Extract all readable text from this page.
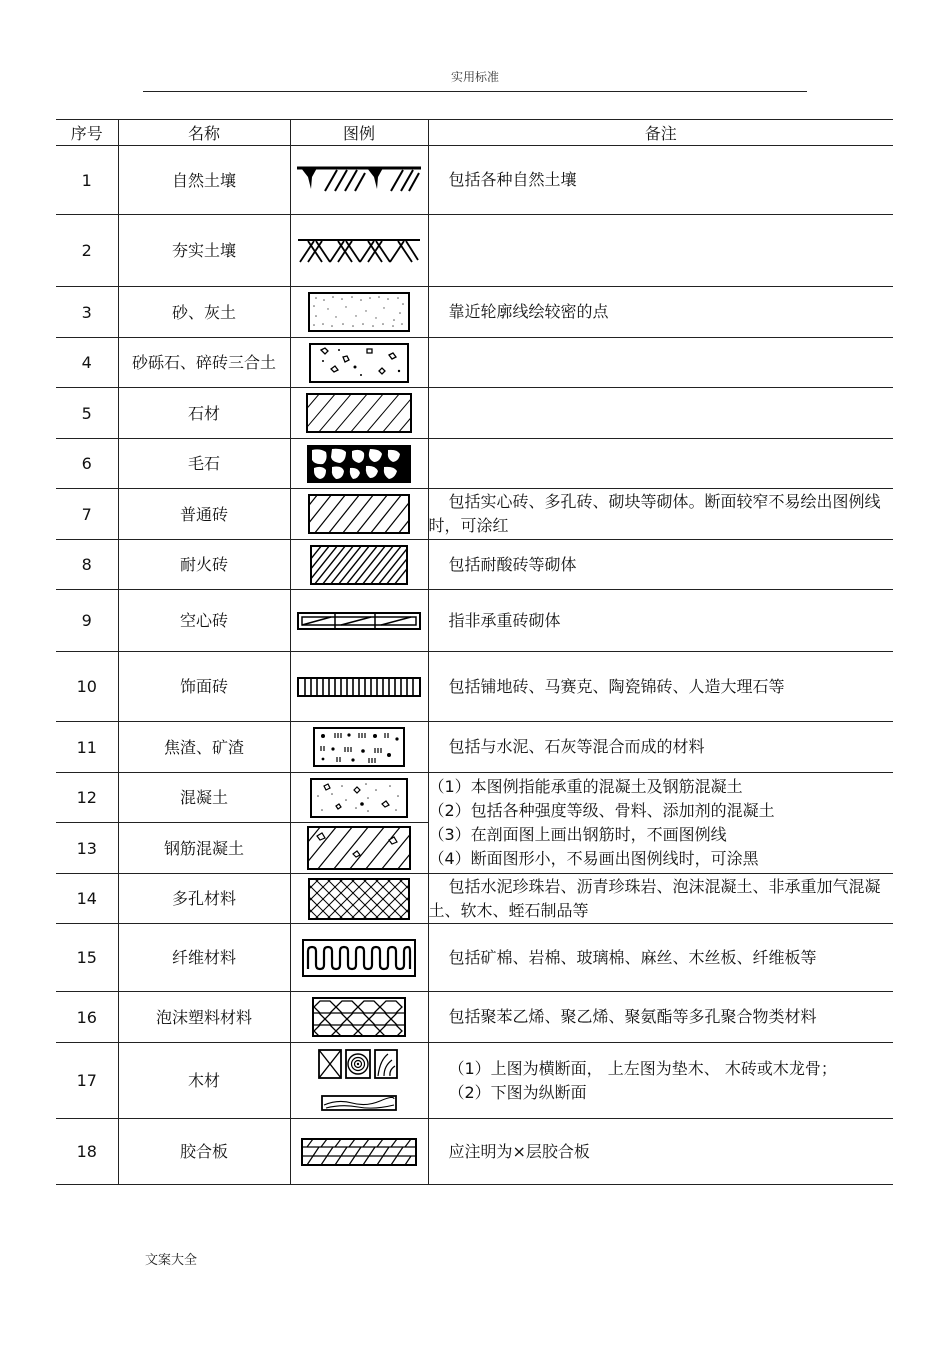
实用标准
序号	名称	图例	备注
1	自然土壤		包括各种自然土壤
2	夯实土壤	

3	砂、灰土		靠近轮廓线绘较密的点
4	砂砾石、碎砖三合土	

5	石材	

6	毛石	

7	普通砖		包括实心砖、多孔砖、砌块等砌体。断面较窄不易绘出图例线时，可涂红

8	耐火砖		包括耐酸砖等砌体
9	空心砖		指非承重砖砌体
10	饰面砖		包括铺地砖、马赛克、陶瓷锦砖、人造大理石等
11	焦渣、矿渣		包括与水泥、石灰等混合而成的材料
12	混凝土		（1）本图例指能承重的混凝土及钢筋混凝土
（2）包括各种强度等级、骨料、添加剂的混凝土
（3）在剖面图上画出钢筋时，不画图例线
（4）断面图形小，不易画出图例线时，可涂黑

13	钢筋混凝土	

14	多孔材料		包括水泥珍珠岩、沥青珍珠岩、泡沫混凝土、非承重加气混凝土、软木、蛭石制品等

15	纤维材料		包括矿棉、岩棉、玻璃棉、麻丝、木丝板、纤维板等

16	泡沫塑料材料		包括聚苯乙烯、聚乙烯、聚氨酯等多孔聚合物类材料

17	木材		（1）上图为横断面， 上左图为垫木、 木砖或木龙骨；
（2）下图为纵断面

18	胶合板		应注明为×层胶合板
文案大全
